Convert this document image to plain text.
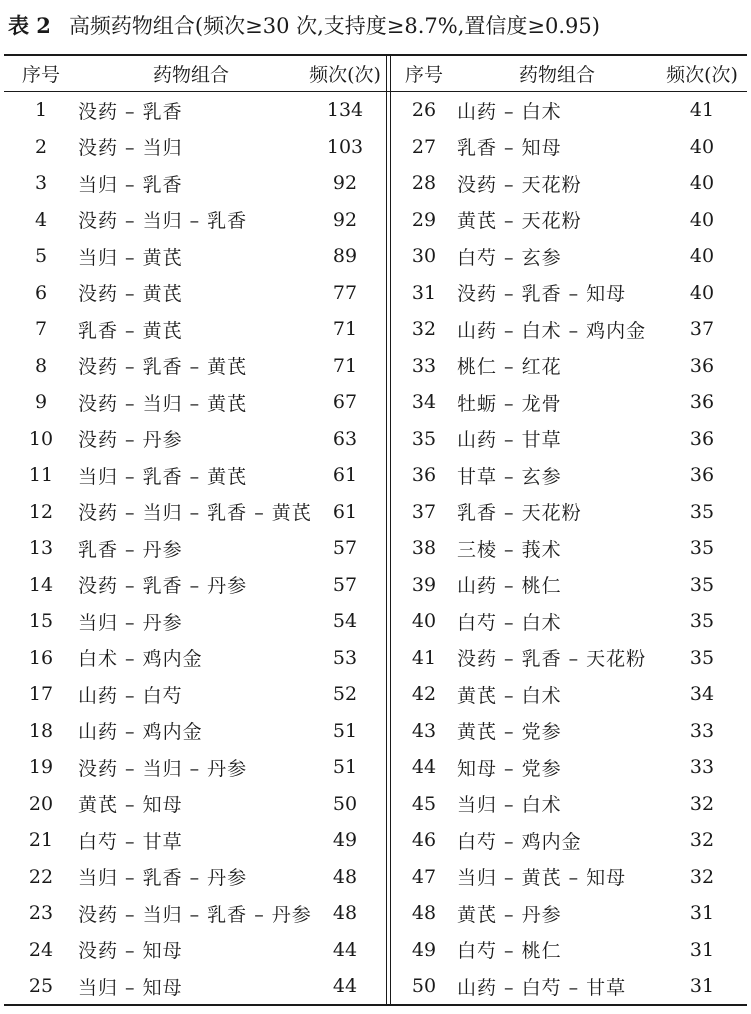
表 2 高频药物组合(频次≥30 次,支持度≥8.7%,置信度≥0.95)
序号	药物组合	频次(次)	序号	药物组合	频次(次)
1	没药 – 乳香	134
2	没药 – 当归	103
3	当归 – 乳香	92
4	没药 – 当归 – 乳香	92
5	当归 – 黄芪	89
6	没药 – 黄芪	77
7	乳香 – 黄芪	71
8	没药 – 乳香 – 黄芪	71
9	没药 – 当归 – 黄芪	67
10	没药 – 丹参	63
11	当归 – 乳香 – 黄芪	61
12	没药 – 当归 – 乳香 – 黄芪	61
13	乳香 – 丹参	57
14	没药 – 乳香 – 丹参	57
15	当归 – 丹参	54
16	白术 – 鸡内金	53
17	山药 – 白芍	52
18	山药 – 鸡内金	51
19	没药 – 当归 – 丹参	51
20	黄芪 – 知母	50
21	白芍 – 甘草	49
22	当归 – 乳香 – 丹参	48
23	没药 – 当归 – 乳香 – 丹参	48
24	没药 – 知母	44
25	当归 – 知母	44
26	山药 – 白术	41
27	乳香 – 知母	40
28	没药 – 天花粉	40
29	黄芪 – 天花粉	40
30	白芍 – 玄参	40
31	没药 – 乳香 – 知母	40
32	山药 – 白术 – 鸡内金	37
33	桃仁 – 红花	36
34	牡蛎 – 龙骨	36
35	山药 – 甘草	36
36	甘草 – 玄参	36
37	乳香 – 天花粉	35
38	三棱 – 莪术	35
39	山药 – 桃仁	35
40	白芍 – 白术	35
41	没药 – 乳香 – 天花粉	35
42	黄芪 – 白术	34
43	黄芪 – 党参	33
44	知母 – 党参	33
45	当归 – 白术	32
46	白芍 – 鸡内金	32
47	当归 – 黄芪 – 知母	32
48	黄芪 – 丹参	31
49	白芍 – 桃仁	31
50	山药 – 白芍 – 甘草	31
